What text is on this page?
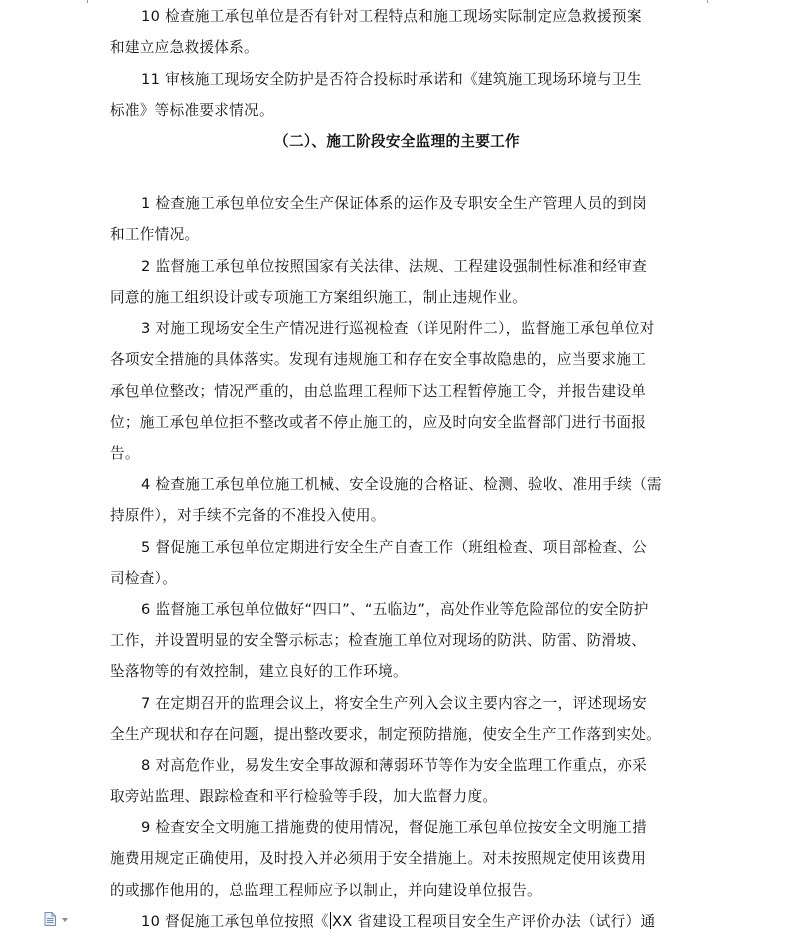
10 检查施工承包单位是否有针对工程特点和施工现场实际制定应急救援预案
和建立应急救援体系。
11 审核施工现场安全防护是否符合投标时承诺和《建筑施工现场环境与卫生
标准》等标准要求情况。
（二）、施工阶段安全监理的主要工作
1 检查施工承包单位安全生产保证体系的运作及专职安全生产管理人员的到岗
和工作情况。
2 监督施工承包单位按照国家有关法律、法规、工程建设强制性标准和经审查
同意的施工组织设计或专项施工方案组织施工，制止违规作业。
3 对施工现场安全生产情况进行巡视检查（详见附件二），监督施工承包单位对
各项安全措施的具体落实。发现有违规施工和存在安全事故隐患的，应当要求施工
承包单位整改；情况严重的，由总监理工程师下达工程暂停施工令，并报告建设单
位；施工承包单位拒不整改或者不停止施工的，应及时向安全监督部门进行书面报
告。
4 检查施工承包单位施工机械、安全设施的合格证、检测、验收、准用手续（需
持原件），对手续不完备的不准投入使用。
5 督促施工承包单位定期进行安全生产自查工作（班组检查、项目部检查、公
司检查）。
6 监督施工承包单位做好“四口”、“五临边”，高处作业等危险部位的安全防护
工作，并设置明显的安全警示标志；检查施工单位对现场的防洪、防雷、防滑坡、
坠落物等的有效控制，建立良好的工作环境。
7 在定期召开的监理会议上，将安全生产列入会议主要内容之一，评述现场安
全生产现状和存在问题，提出整改要求，制定预防措施，使安全生产工作落到实处。
8 对高危作业，易发生安全事故源和薄弱环节等作为安全监理工作重点，亦采
取旁站监理、跟踪检查和平行检验等手段，加大监督力度。
9 检查安全文明施工措施费的使用情况，督促施工承包单位按安全文明施工措
施费用规定正确使用，及时投入并必须用于安全措施上。对未按照规定使用该费用
的或挪作他用的，总监理工程师应予以制止，并向建设单位报告。
10 督促施工承包单位按照《 XX 省建设工程项目安全生产评价办法（试行）通
